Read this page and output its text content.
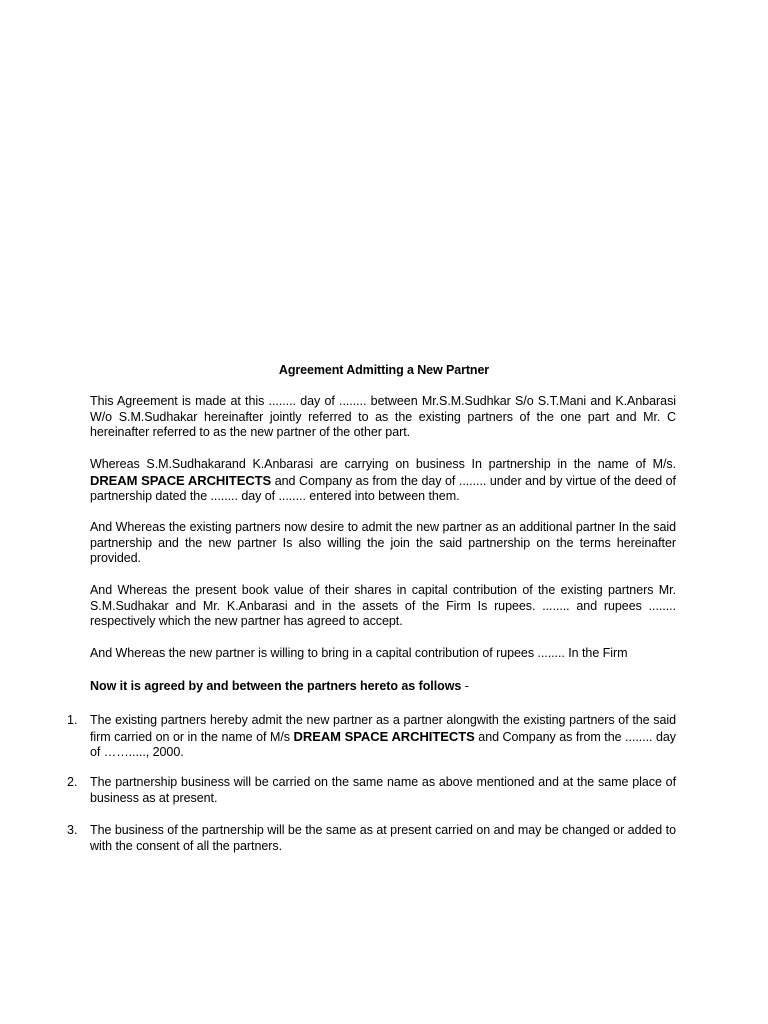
Agreement Admitting a New Partner
This Agreement is made at this ........ day of ........ between Mr.S.M.Sudhkar S/o S.T.Mani and K.Anbarasi W/o S.M.Sudhakar hereinafter jointly referred to as the existing partners of the one part and Mr. C hereinafter referred to as the new partner of the other part.
Whereas S.M.Sudhakarand K.Anbarasi are carrying on business In partnership in the name of M/s. DREAM SPACE ARCHITECTS and Company as from the day of ........ under and by virtue of the deed of partnership dated the ........ day of ........ entered into between them.
And Whereas the existing partners now desire to admit the new partner as an additional partner In the said partnership and the new partner Is also willing the join the said partnership on the terms hereinafter provided.
And Whereas the present book value of their shares in capital contribution of the existing partners Mr. S.M.Sudhakar and Mr. K.Anbarasi and in the assets of the Firm Is rupees. ........ and rupees ........ respectively which the new partner has agreed to accept.
And Whereas the new partner is willing to bring in a capital contribution of rupees ........ In the Firm
Now it is agreed by and between the partners hereto as follows -
1. The existing partners hereby admit the new partner as a partner alongwith the existing partners of the said firm carried on or in the name of M/s DREAM SPACE ARCHITECTS and Company as from the ........ day of ……....., 2000.
2. The partnership business will be carried on the same name as above mentioned and at the same place of business as at present.
3. The business of the partnership will be the same as at present carried on and may be changed or added to with the consent of all the partners.
